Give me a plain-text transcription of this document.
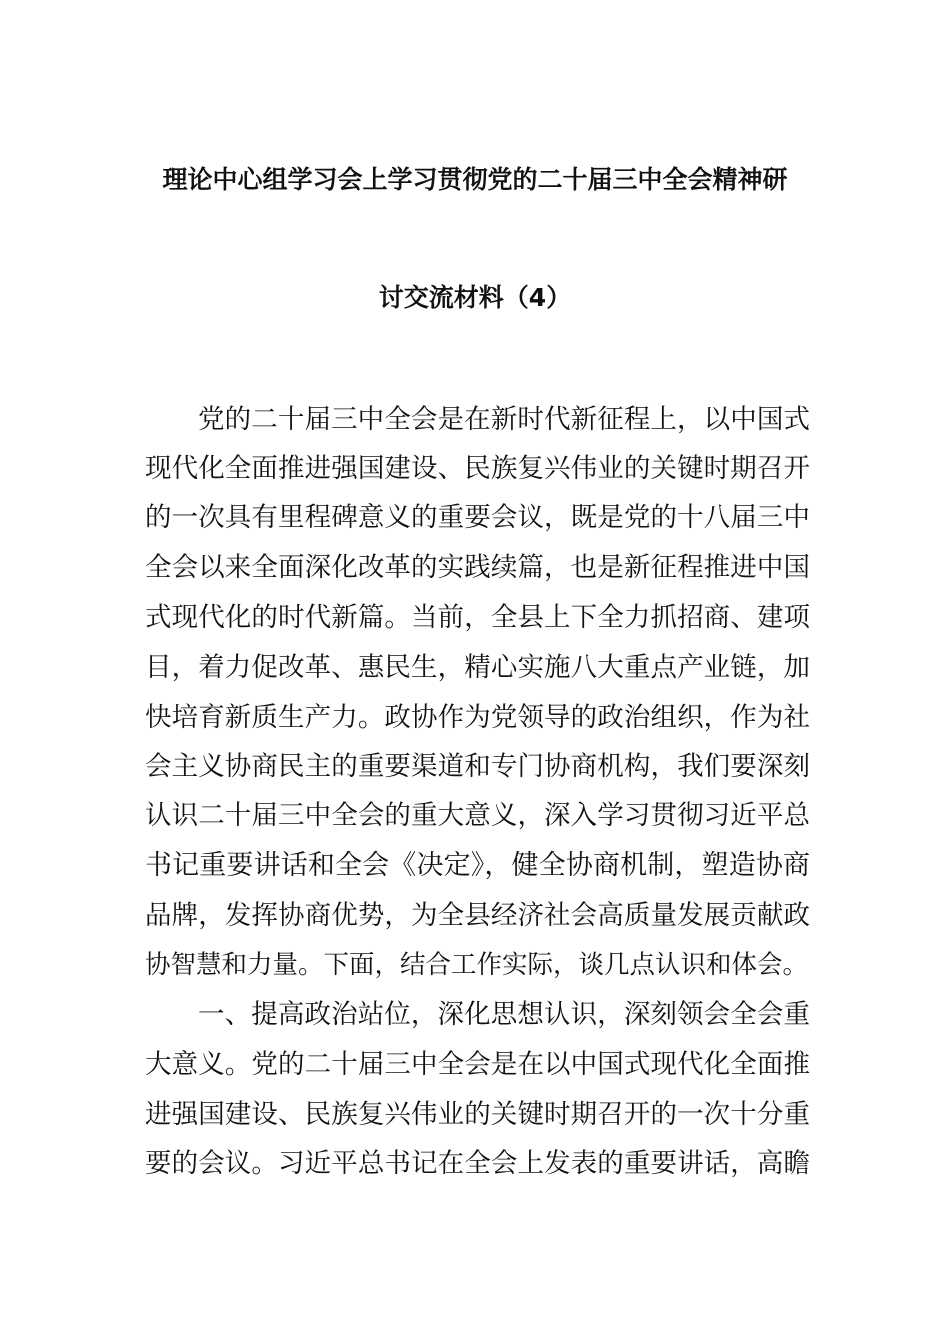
理论中心组学习会上学习贯彻党的二十届三中全会精神研
讨交流材料（4）
党的二十届三中全会是在新时代新征程上，以中国式
现代化全面推进强国建设、民族复兴伟业的关键时期召开
的一次具有里程碑意义的重要会议，既是党的十八届三中
全会以来全面深化改革的实践续篇，也是新征程推进中国
式现代化的时代新篇。当前，全县上下全力抓招商、建项
目，着力促改革、惠民生，精心实施八大重点产业链，加
快培育新质生产力。政协作为党领导的政治组织，作为社
会主义协商民主的重要渠道和专门协商机构，我们要深刻
认识二十届三中全会的重大意义，深入学习贯彻习近平总
书记重要讲话和全会《决定》，健全协商机制，塑造协商
品牌，发挥协商优势，为全县经济社会高质量发展贡献政
协智慧和力量。下面，结合工作实际，谈几点认识和体会。
一、提高政治站位，深化思想认识，深刻领会全会重
大意义。党的二十届三中全会是在以中国式现代化全面推
进强国建设、民族复兴伟业的关键时期召开的一次十分重
要的会议。习近平总书记在全会上发表的重要讲话，高瞻
